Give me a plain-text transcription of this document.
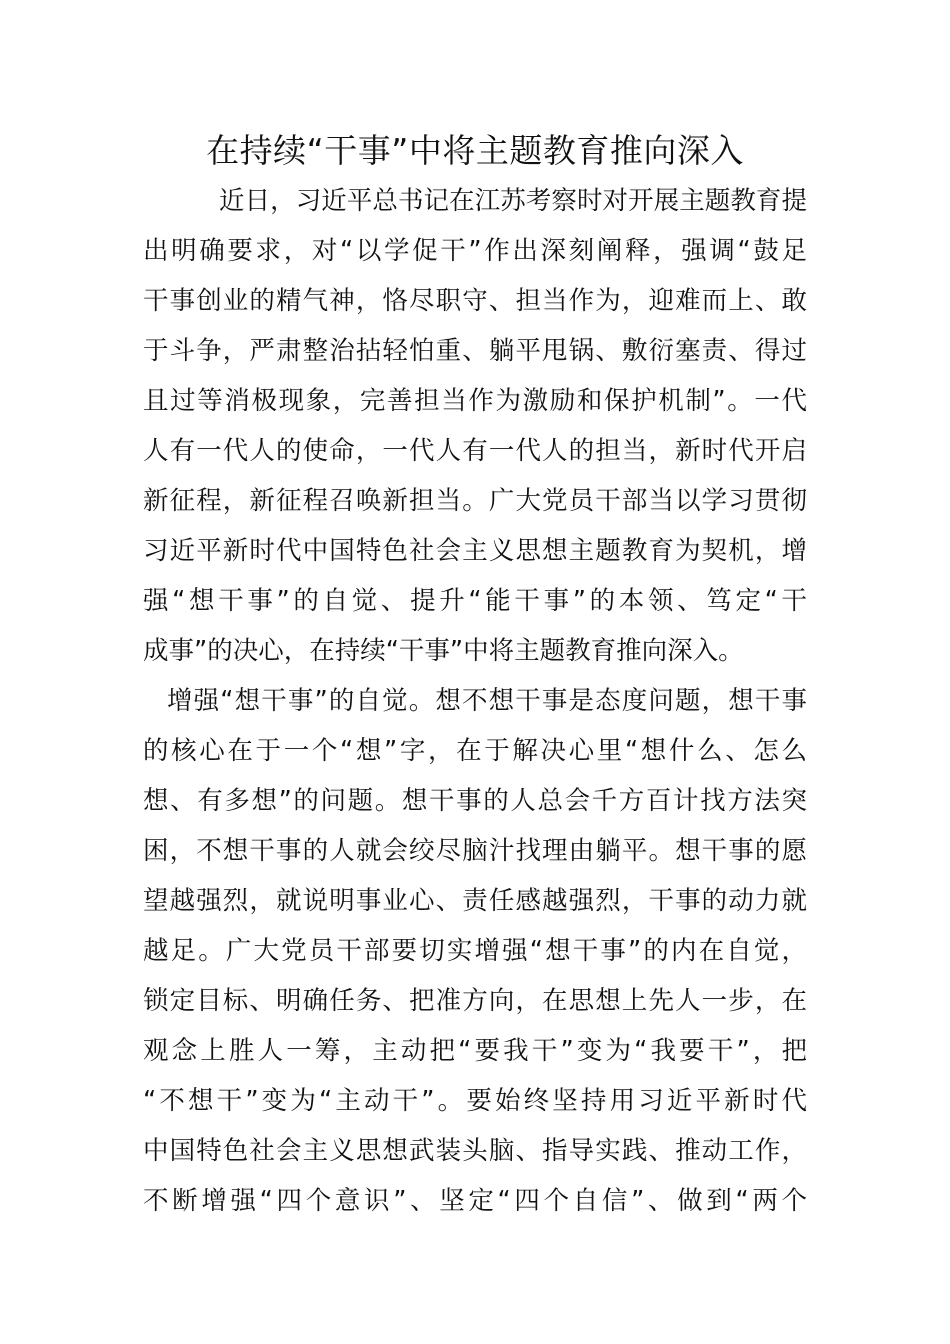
在持续“干事”中将主题教育推向深入
近日，习近平总书记在江苏考察时对开展主题教育提
出明确要求，对“以学促干”作出深刻阐释，强调“鼓足
干事创业的精气神，恪尽职守、担当作为，迎难而上、敢
于斗争，严肃整治拈轻怕重、躺平甩锅、敷衍塞责、得过
且过等消极现象，完善担当作为激励和保护机制”。一代
人有一代人的使命，一代人有一代人的担当，新时代开启
新征程，新征程召唤新担当。广大党员干部当以学习贯彻
习近平新时代中国特色社会主义思想主题教育为契机，增
强“想干事”的自觉、提升“能干事”的本领、笃定“干
成事”的决心，在持续“干事”中将主题教育推向深入。
增强“想干事”的自觉。想不想干事是态度问题，想干事
的核心在于一个“想”字，在于解决心里“想什么、怎么
想、有多想”的问题。想干事的人总会千方百计找方法突
困，不想干事的人就会绞尽脑汁找理由躺平。想干事的愿
望越强烈，就说明事业心、责任感越强烈，干事的动力就
越足。广大党员干部要切实增强“想干事”的内在自觉，
锁定目标、明确任务、把准方向，在思想上先人一步，在
观念上胜人一筹，主动把“要我干”变为“我要干”，把
“不想干”变为“主动干”。要始终坚持用习近平新时代
中国特色社会主义思想武装头脑、指导实践、推动工作，
不断增强“四个意识”、坚定“四个自信”、做到“两个
